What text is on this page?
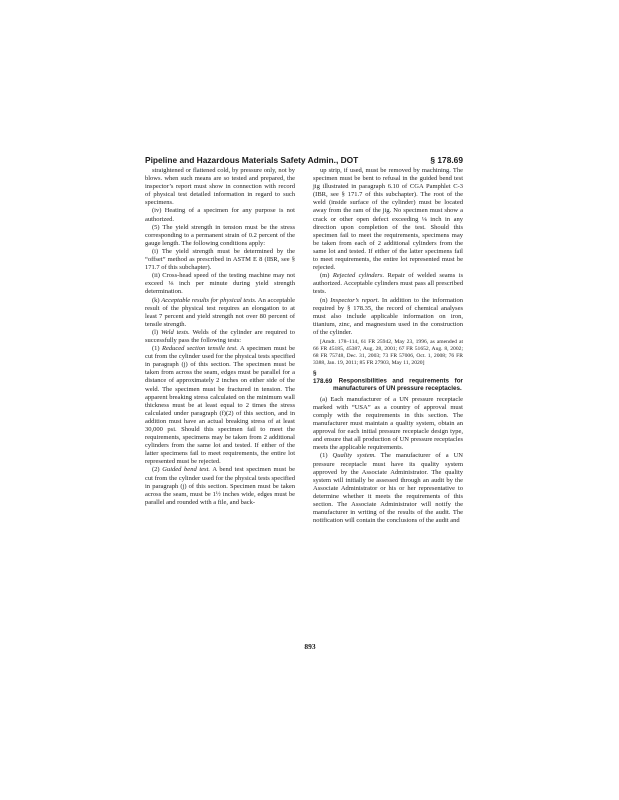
Pipeline and Hazardous Materials Safety Admin., DOT	§ 178.69

straightened or flattened cold, by pressure only, not by blows. when such means are so tested and prepared, the inspector’s report must show in connection with record of physical test detailed information in regard to such specimens.

(iv) Heating of a specimen for any purpose is not authorized.

(5) The yield strength in tension must be the stress corresponding to a permanent strain of 0.2 percent of the gauge length. The following conditions apply:

(i) The yield strength must be determined by the “offset” method as prescribed in ASTM E 8 (IBR, see § 171.7 of this subchapter).

(ii) Cross-head speed of the testing machine may not exceed ⅛ inch per minute during yield strength determination.

(k) Acceptable results for physical tests. An acceptable result of the physical test requires an elongation to at least 7 percent and yield strength not over 80 percent of tensile strength.

(l) Weld tests. Welds of the cylinder are required to successfully pass the following tests:

(1) Reduced section tensile test. A specimen must be cut from the cylinder used for the physical tests specified in paragraph (j) of this section. The specimen must be taken from across the seam, edges must be parallel for a distance of approximately 2 inches on either side of the weld. The specimen must be fractured in tension. The apparent breaking stress calculated on the minimum wall thickness must be at least equal to 2 times the stress calculated under paragraph (f)(2) of this section, and in addition must have an actual breaking stress of at least 30,000 psi. Should this specimen fail to meet the requirements, specimens may be taken from 2 additional cylinders from the same lot and tested. If either of the latter specimens fail to meet requirements, the entire lot represented must be rejected.

(2) Guided bend test. A bend test specimen must be cut from the cylinder used for the physical tests specified in paragraph (j) of this section. Specimen must be taken across the seam, must be 1½ inches wide, edges must be parallel and rounded with a file, and back-

up strip, if used, must be removed by machining. The specimen must be bent to refusal in the guided bend test jig illustrated in paragraph 6.10 of CGA Pamphlet C-3 (IBR, see § 171.7 of this subchapter). The root of the weld (inside surface of the cylinder) must be located away from the ram of the jig. No specimen must show a crack or other open defect exceeding ⅛ inch in any direction upon completion of the test. Should this specimen fail to meet the requirements, specimens may be taken from each of 2 additional cylinders from the same lot and tested. If either of the latter specimens fail to meet requirements, the entire lot represented must be rejected.

(m) Rejected cylinders. Repair of welded seams is authorized. Acceptable cylinders must pass all prescribed tests.

(n) Inspector’s report. In addition to the information required by § 178.35, the record of chemical analyses must also include applicable information on iron, titanium, zinc, and magnesium used in the construction of the cylinder.

[Amdt. 178–114, 61 FR 25942, May 23, 1996, as amended at 66 FR 45185, 45387, Aug. 28, 2001; 67 FR 51652, Aug. 8, 2002; 68 FR 75748, Dec. 31, 2003; 73 FR 57006, Oct. 1, 2008; 76 FR 3388, Jan. 19, 2011; 85 FR 27903, May 11, 2020]

§ 178.69 Responsibilities and requirements for manufacturers of UN pressure receptacles.

(a) Each manufacturer of a UN pressure receptacle marked with “USA” as a country of approval must comply with the requirements in this section. The manufacturer must maintain a quality system, obtain an approval for each initial pressure receptacle design type, and ensure that all production of UN pressure receptacles meets the applicable requirements.

(1) Quality system. The manufacturer of a UN pressure receptacle must have its quality system approved by the Associate Administrator. The quality system will initially be assessed through an audit by the Associate Administrator or his or her representative to determine whether it meets the requirements of this section. The Associate Administrator will notify the manufacturer in writing of the results of the audit. The notification will contain the conclusions of the audit and

893
